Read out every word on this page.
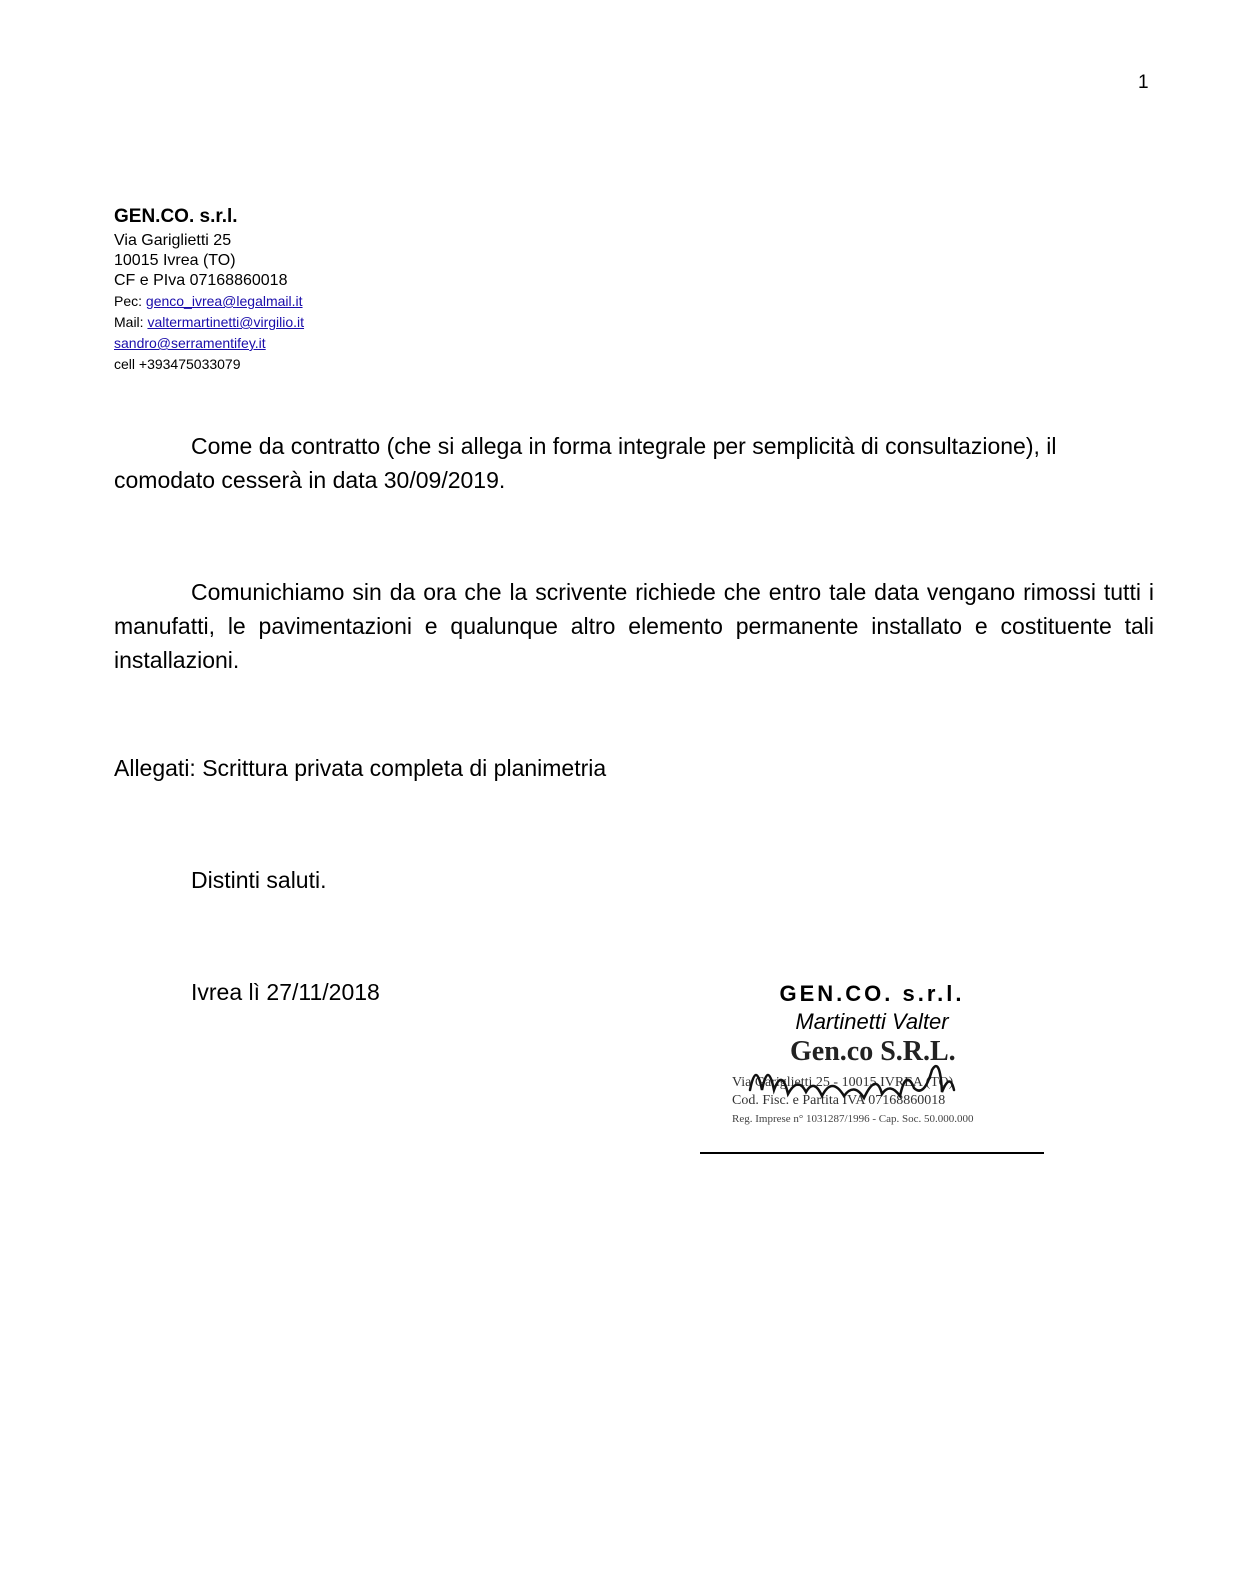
1
GEN.CO. s.r.l.
Via Gariglietti 25
10015 Ivrea (TO)
CF e PIva 07168860018
Pec: genco_ivrea@legalmail.it
Mail: valtermartinetti@virgilio.it
sandro@serramentifey.it
cell +393475033079
Come da contratto (che si allega in forma integrale per semplicità di consultazione), il comodato cesserà in data 30/09/2019.
Comunichiamo sin da ora che la scrivente richiede che entro tale data vengano rimossi tutti i manufatti, le pavimentazioni e qualunque altro elemento permanente installato e costituente tali installazioni.
Allegati: Scrittura privata completa di planimetria
Distinti saluti.
Ivrea lì 27/11/2018	GEN.CO. s.r.l.
Martinetti Valter
Gen.co S.R.L.
Via Gariglietti 25 - 10015 IVREA (TO)
Cod. Fisc. e Partita IVA 07168860018
Reg. Imprese n° 1031287/1996 - Cap. Soc. 50.000.000
